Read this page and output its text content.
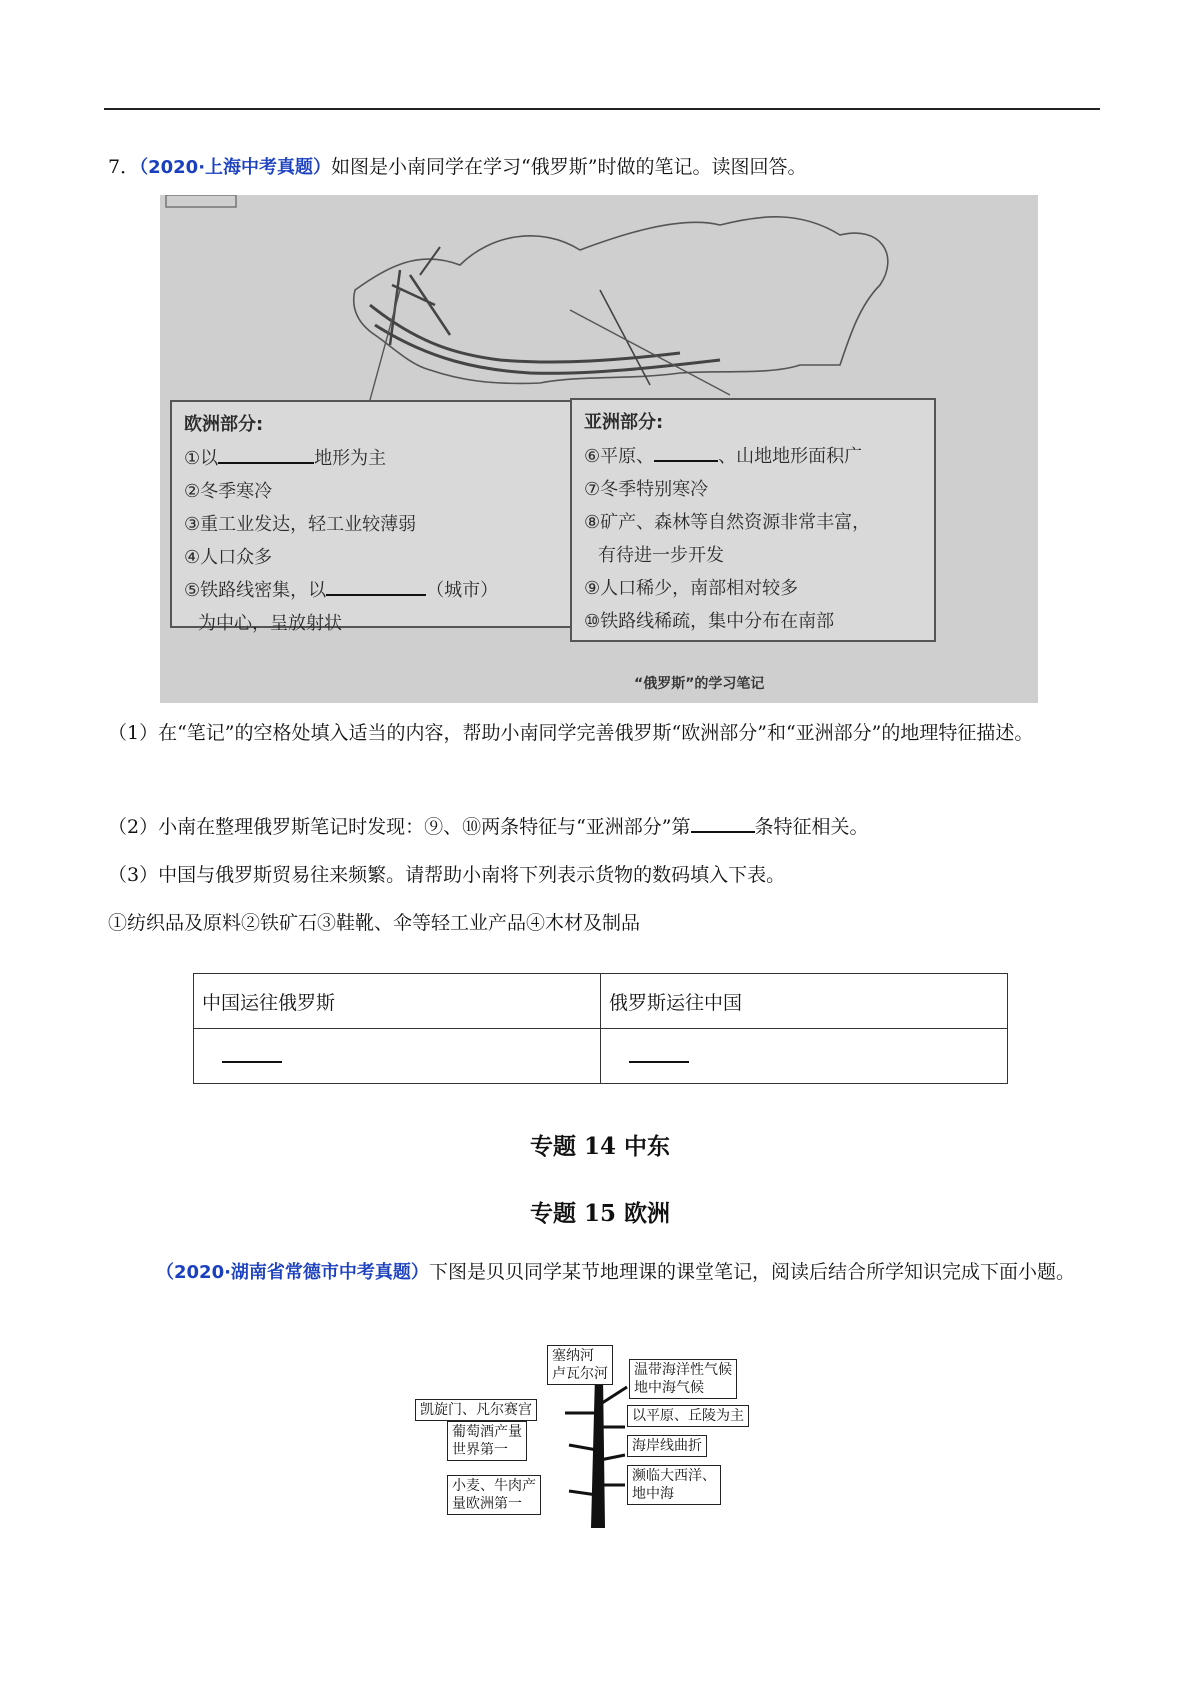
7．（2020·上海中考真题）如图是小南同学在学习“俄罗斯”时做的笔记。读图回答。
欧洲部分:
①以	地形为主
②冬季寒冷
③重工业发达，轻工业较薄弱
④人口众多
⑤铁路线密集，以	（城市）
为中心，呈放射状
亚洲部分:
⑥平原、	、山地地形面积广
⑦冬季特别寒冷
⑧矿产、森林等自然资源非常丰富，
有待进一步开发
⑨人口稀少，南部相对较多
⑩铁路线稀疏，集中分布在南部
“俄罗斯”的学习笔记
（1）在“笔记”的空格处填入适当的内容，帮助小南同学完善俄罗斯“欧洲部分”和“亚洲部分”的地理特征描述。
（2）小南在整理俄罗斯笔记时发现：⑨、⑩两条特征与“亚洲部分”第	条特征相关。
（3）中国与俄罗斯贸易往来频繁。请帮助小南将下列表示货物的数码填入下表。
①纺织品及原料②铁矿石③鞋靴、伞等轻工业产品④木材及制品
中国运往俄罗斯	俄罗斯运往中国

专题 14 中东
专题 15 欧洲
（2020·湖南省常德市中考真题）下图是贝贝同学某节地理课的课堂笔记，阅读后结合所学知识完成下面小题。
塞纳河
卢瓦尔河 温带海洋性气候
地中海气候
凯旋门、凡尔赛宫	以平原、丘陵为主
葡萄酒产量
世界第一	海岸线曲折
小麦、牛肉产
量欧洲第一
濒临大西洋、
地中海
